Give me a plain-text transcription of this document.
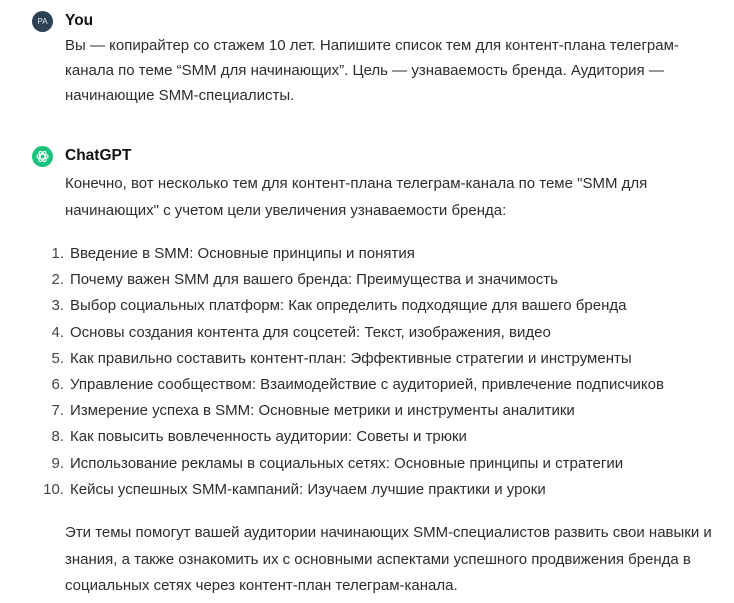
PA	You
Вы — копирайтер со стажем 10 лет. Напишите список тем для контент-плана телеграм-канала по теме “SMM для начинающих”. Цель — узнаваемость бренда. Аудитория — начинающие SMM-специалисты.
ChatGPT
Конечно, вот несколько тем для контент-плана телеграм-канала по теме "SMM для начинающих" с учетом цели увеличения узнаваемости бренда:
1. Введение в SMM: Основные принципы и понятия
2. Почему важен SMM для вашего бренда: Преимущества и значимость
3. Выбор социальных платформ: Как определить подходящие для вашего бренда
4. Основы создания контента для соцсетей: Текст, изображения, видео
5. Как правильно составить контент-план: Эффективные стратегии и инструменты
6. Управление сообществом: Взаимодействие с аудиторией, привлечение подписчиков
7. Измерение успеха в SMM: Основные метрики и инструменты аналитики
8. Как повысить вовлеченность аудитории: Советы и трюки
9. Использование рекламы в социальных сетях: Основные принципы и стратегии
10. Кейсы успешных SMM-кампаний: Изучаем лучшие практики и уроки
Эти темы помогут вашей аудитории начинающих SMM-специалистов развить свои навыки и знания, а также ознакомить их с основными аспектами успешного продвижения бренда в социальных сетях через контент-план телеграм-канала.
